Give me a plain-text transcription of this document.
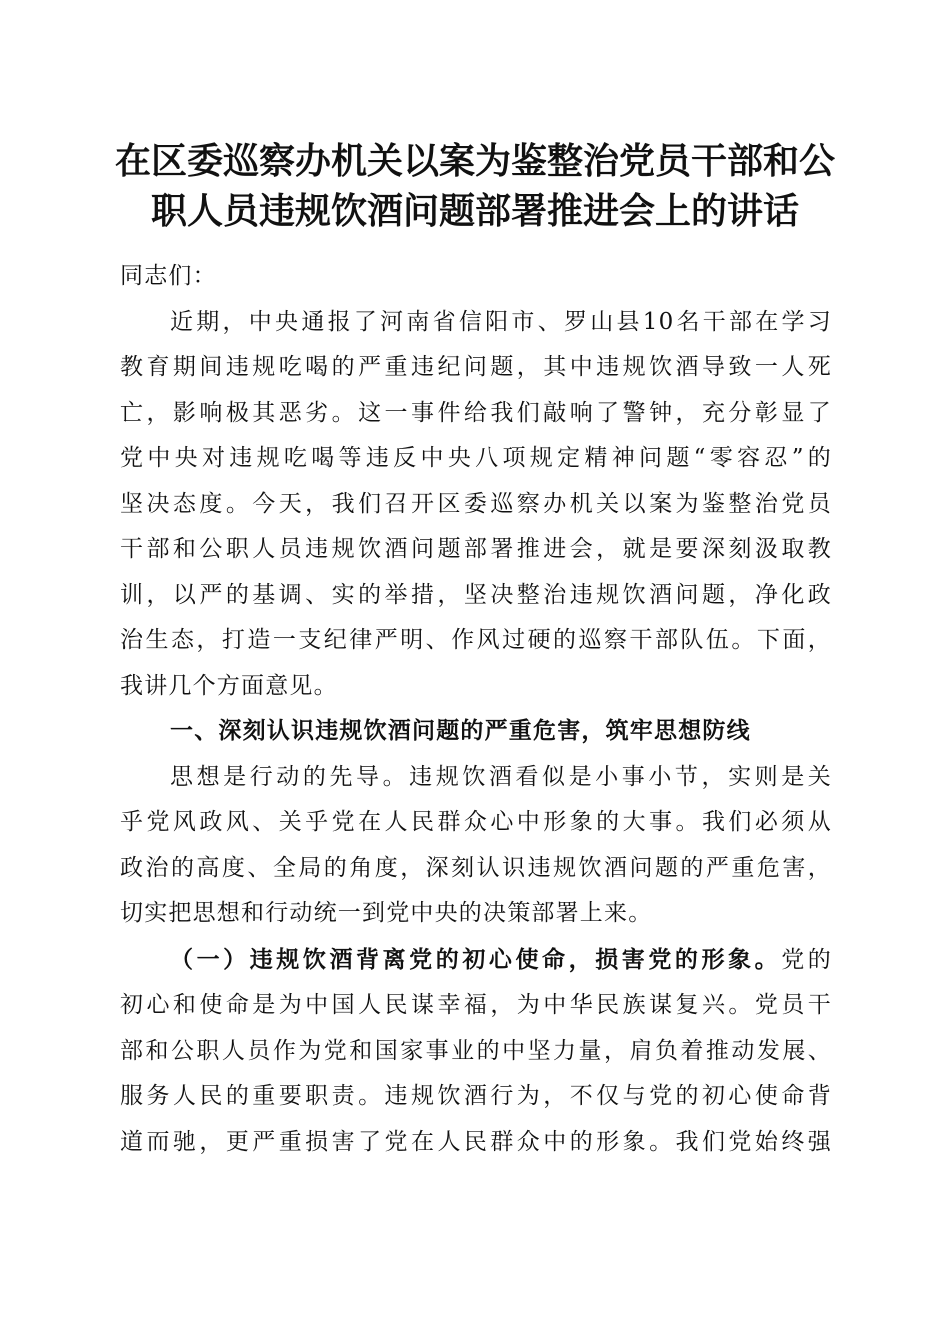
在区委巡察办机关以案为鉴整治党员干部和公
职人员违规饮酒问题部署推进会上的讲话
同志们：
近期，中央通报了河南省信阳市、罗山县10名干部在学习
教育期间违规吃喝的严重违纪问题，其中违规饮酒导致一人死
亡，影响极其恶劣。这一事件给我们敲响了警钟，充分彰显了
党中央对违规吃喝等违反中央八项规定精神问题“零容忍”的
坚决态度。今天，我们召开区委巡察办机关以案为鉴整治党员
干部和公职人员违规饮酒问题部署推进会，就是要深刻汲取教
训，以严的基调、实的举措，坚决整治违规饮酒问题，净化政
治生态，打造一支纪律严明、作风过硬的巡察干部队伍。下面，
我讲几个方面意见。
一、深刻认识违规饮酒问题的严重危害，筑牢思想防线
思想是行动的先导。违规饮酒看似是小事小节，实则是关
乎党风政风、关乎党在人民群众心中形象的大事。我们必须从
政治的高度、全局的角度，深刻认识违规饮酒问题的严重危害，
切实把思想和行动统一到党中央的决策部署上来。
（一）违规饮酒背离党的初心使命，损害党的形象。党的
初心和使命是为中国人民谋幸福，为中华民族谋复兴。党员干
部和公职人员作为党和国家事业的中坚力量，肩负着推动发展、
服务人民的重要职责。违规饮酒行为，不仅与党的初心使命背
道而驰，更严重损害了党在人民群众中的形象。我们党始终强
